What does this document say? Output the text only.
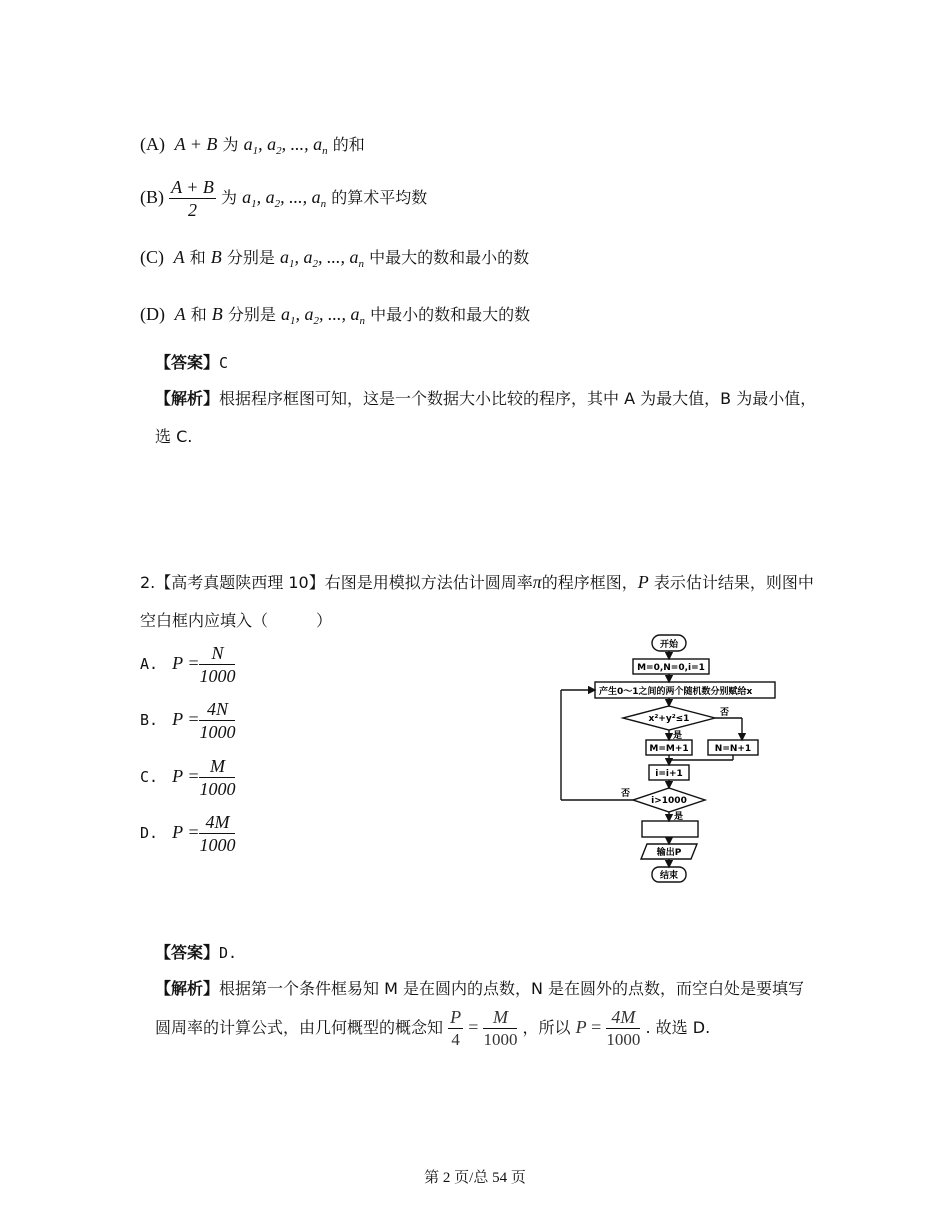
(A)  A + B 为 $a_1$, $a_2$, ..., $a_n$ 的和
$(B) \frac{A + B}{2}$ 为 $a_1$, $a_2$, ..., $a_n$ 的算术平均数
(C)  A 和 B 分别是 $a_1$, $a_2$, ..., $a_n$ 中最大的数和最小的数
(D)  A 和 B 分别是 $a_1$, $a_2$, ..., $a_n$ 中最小的数和最大的数
【答案】C
【解析】根据程序框图可知，这是一个数据大小比较的程序，其中 A 为最大值，B 为最小值，
选 C.
2.【高考真题陕西理 10】右图是用模拟方法估计圆周率π的程序框图，P 表示估计结果，则图中
空白框内应填入（　　　）
A.   $P = \frac{N}{1000}$
B.   $P = \frac{4N}{1000}$
C.   $P = \frac{M}{1000}$
D.   $P = \frac{4M}{1000}$
开始
M=0,N=0,i=1
产生0～1之间的两个随机数分别赋给x
x²+y²≤1
否
是
M=M+1	N=N+1
i=i+1
i>1000
否
是
输出P
结束
【答案】D.
【解析】根据第一个条件框易知 M 是在圆内的点数，N 是在圆外的点数，而空白处是要填写
圆周率的计算公式，由几何概型的概念知 $\frac{P}{4} = \frac{M}{1000}$ ，所以 $P = \frac{4M}{1000}$ . 故选 D.
第 2 页/总 54 页
